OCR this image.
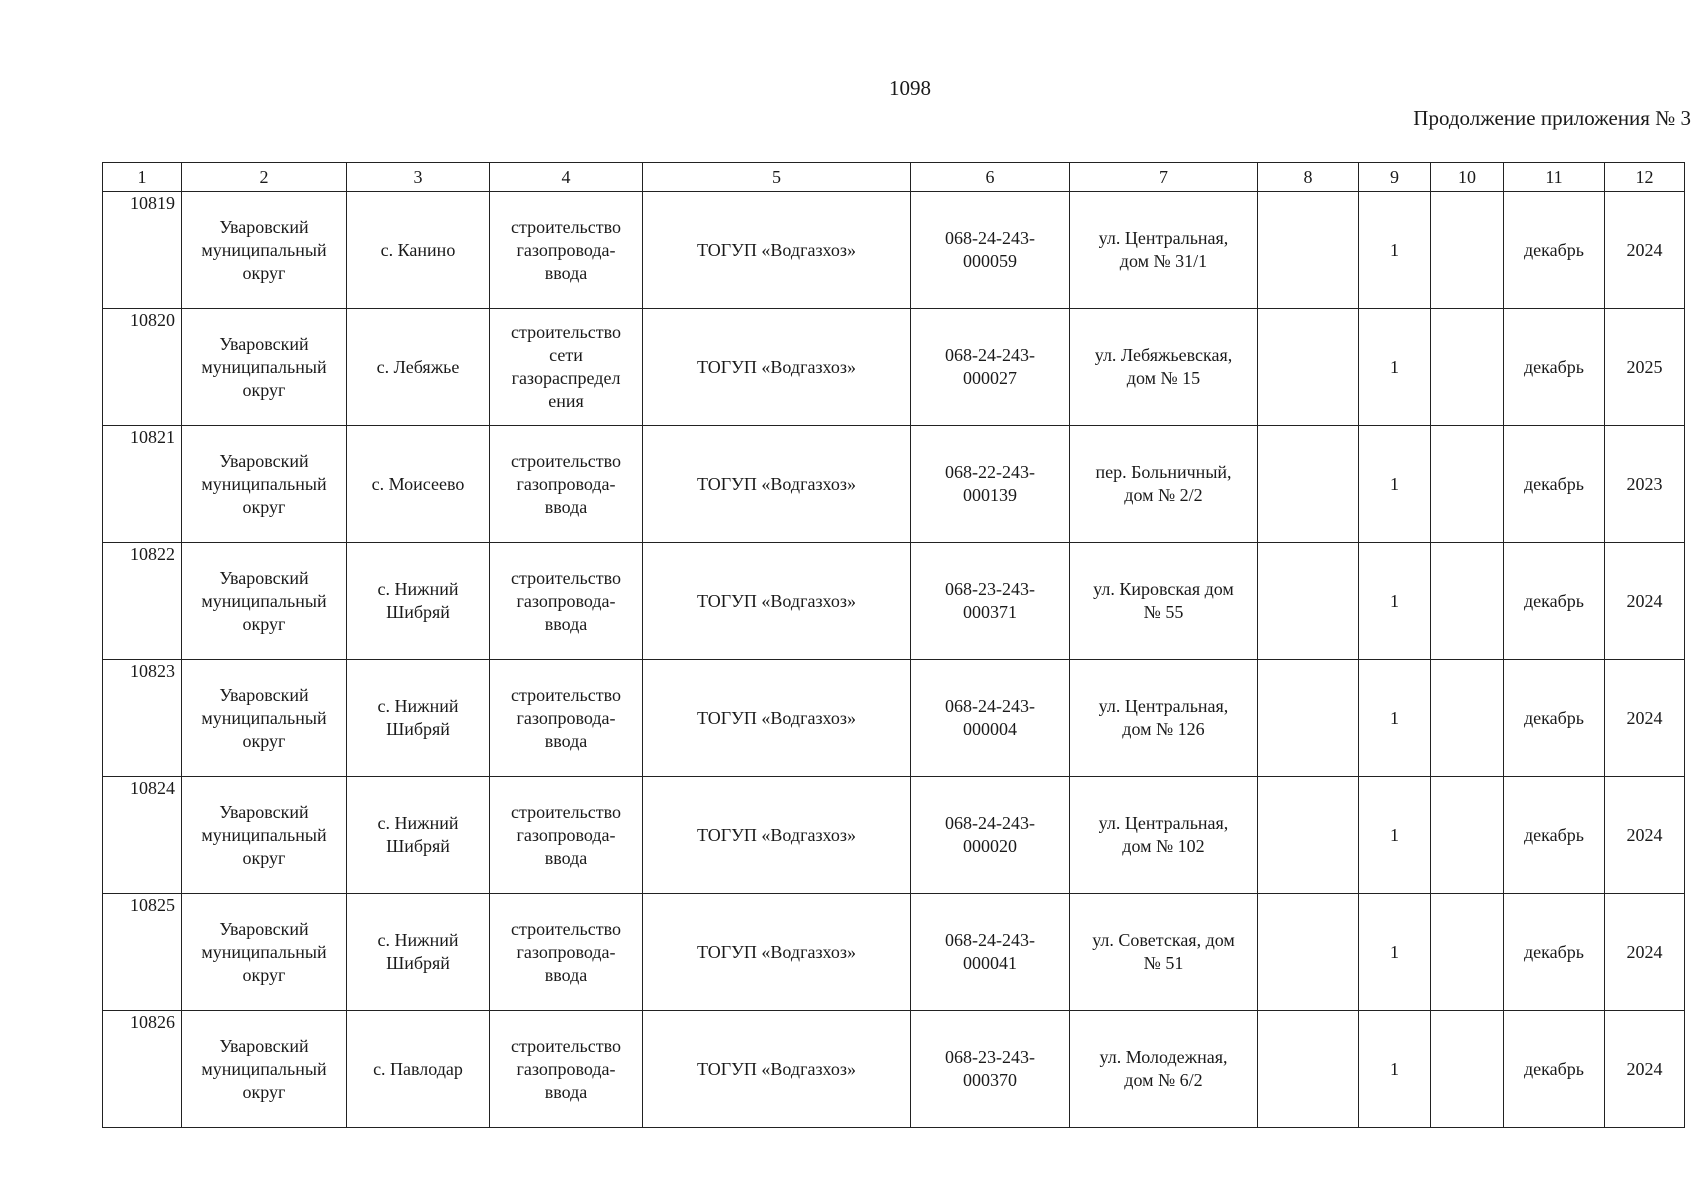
1098
Продолжение приложения № 3
1	2	3	4	5	6	7	8	9	10	11	12
10819	Уваровский
муниципальный
округ	с. Канино	строительство
газопровода-
ввода	ТОГУП «Водгазхоз»	068-24-243-
000059	ул. Центральная,
дом № 31/1		1		декабрь	2024
10820	Уваровский
муниципальный
округ	с. Лебяжье	строительство
сети
газораспредел
ения	ТОГУП «Водгазхоз»	068-24-243-
000027	ул. Лебяжьевская,
дом № 15		1		декабрь	2025
10821	Уваровский
муниципальный
округ	с. Моисеево	строительство
газопровода-
ввода	ТОГУП «Водгазхоз»	068-22-243-
000139	пер. Больничный,
дом № 2/2		1		декабрь	2023
10822	Уваровский
муниципальный
округ	с. Нижний
Шибряй	строительство
газопровода-
ввода	ТОГУП «Водгазхоз»	068-23-243-
000371	ул. Кировская дом
№ 55		1		декабрь	2024
10823	Уваровский
муниципальный
округ	с. Нижний
Шибряй	строительство
газопровода-
ввода	ТОГУП «Водгазхоз»	068-24-243-
000004	ул. Центральная,
дом № 126		1		декабрь	2024
10824	Уваровский
муниципальный
округ	с. Нижний
Шибряй	строительство
газопровода-
ввода	ТОГУП «Водгазхоз»	068-24-243-
000020	ул. Центральная,
дом № 102		1		декабрь	2024
10825	Уваровский
муниципальный
округ	с. Нижний
Шибряй	строительство
газопровода-
ввода	ТОГУП «Водгазхоз»	068-24-243-
000041	ул. Советская, дом
№ 51		1		декабрь	2024
10826	Уваровский
муниципальный
округ	с. Павлодар	строительство
газопровода-
ввода	ТОГУП «Водгазхоз»	068-23-243-
000370	ул. Молодежная,
дом № 6/2		1		декабрь	2024
